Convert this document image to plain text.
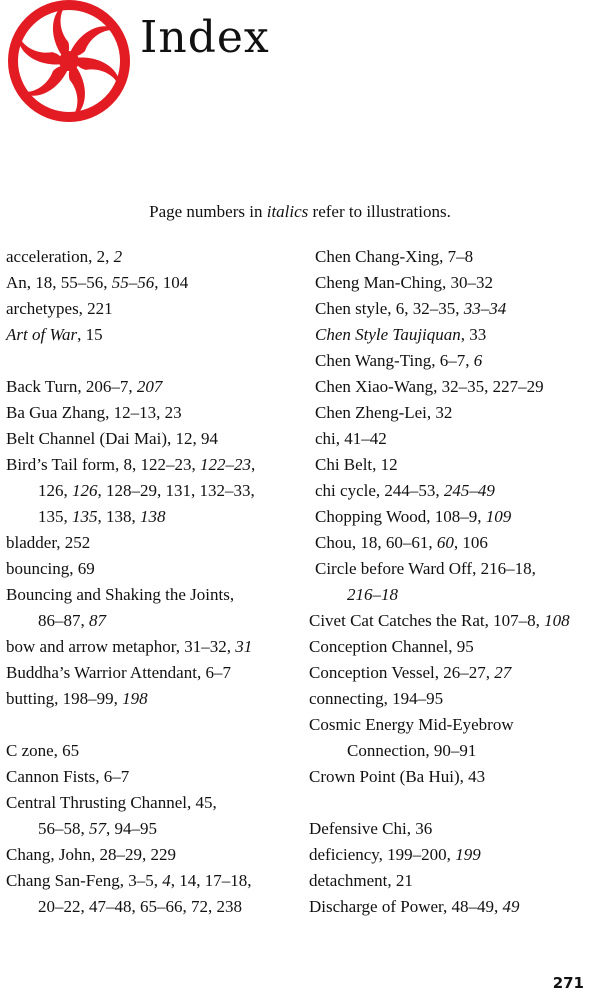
Index
Page numbers in italics refer to illustrations.
acceleration, 2, 2
An, 18, 55–56, 55–56, 104
archetypes, 221
Art of War, 15
Back Turn, 206–7, 207
Ba Gua Zhang, 12–13, 23
Belt Channel (Dai Mai), 12, 94
Bird’s Tail form, 8, 122–23, 122–23,
126, 126, 128–29, 131, 132–33,
135, 135, 138, 138
bladder, 252
bouncing, 69
Bouncing and Shaking the Joints,
86–87, 87
bow and arrow metaphor, 31–32, 31
Buddha’s Warrior Attendant, 6–7
butting, 198–99, 198
C zone, 65
Cannon Fists, 6–7
Central Thrusting Channel, 45,
56–58, 57, 94–95
Chang, John, 28–29, 229
Chang San-Feng, 3–5, 4, 14, 17–18,
20–22, 47–48, 65–66, 72, 238
Chen Chang-Xing, 7–8
Cheng Man-Ching, 30–32
Chen style, 6, 32–35, 33–34
Chen Style Taujiquan, 33
Chen Wang-Ting, 6–7, 6
Chen Xiao-Wang, 32–35, 227–29
Chen Zheng-Lei, 32
chi, 41–42
Chi Belt, 12
chi cycle, 244–53, 245–49
Chopping Wood, 108–9, 109
Chou, 18, 60–61, 60, 106
Circle before Ward Off, 216–18,
216–18
Civet Cat Catches the Rat, 107–8, 108
Conception Channel, 95
Conception Vessel, 26–27, 27
connecting, 194–95
Cosmic Energy Mid-Eyebrow
Connection, 90–91
Crown Point (Ba Hui), 43
Defensive Chi, 36
deficiency, 199–200, 199
detachment, 21
Discharge of Power, 48–49, 49
271
